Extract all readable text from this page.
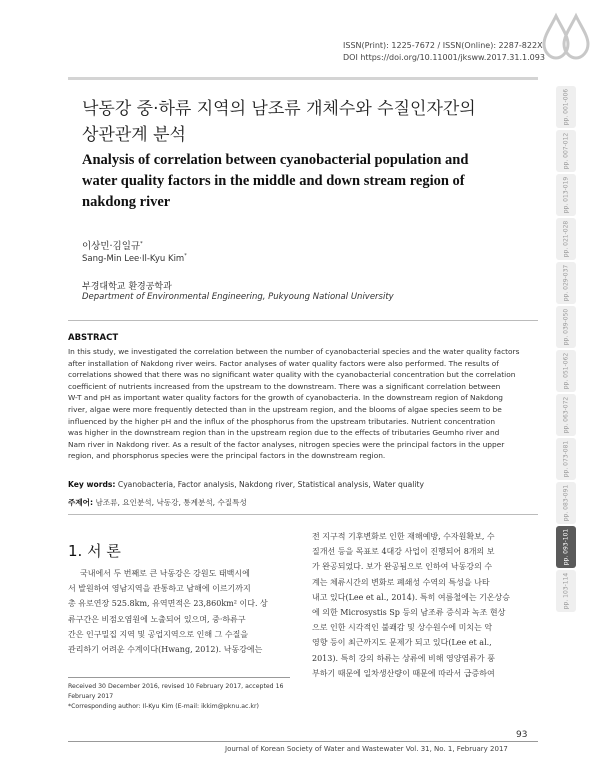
ISSN(Print): 1225-7672 / ISSN(Online): 2287-822X
DOI https://doi.org/10.11001/jksww.2017.31.1.093
낙동강 중·하류 지역의 남조류 개체수와 수질인자간의
상관관계 분석
Analysis of correlation between cyanobacterial population and
water quality factors in the middle and down stream region of
nakdong river
이상민·김일규*
Sang-Min Lee·Il-Kyu Kim*
부경대학교 환경공학과
Department of Environmental Engineering, Pukyoung National University
ABSTRACT
In this study, we investigated the correlation between the number of cyanobacterial species and the water quality factors
after installation of Nakdong river weirs. Factor analyses of water quality factors were also performed. The results of
correlations showed that there was no significant water quality with the cyanobacterial concentration but the correlation
coefficient of nutrients increased from the upstream to the downstream. There was a significant correlation between
W-T and pH as important water quality factors for the growth of cyanobacteria. In the downstream region of Nakdong
river, algae were more frequently detected than in the upstream region, and the blooms of algae species seem to be
influenced by the higher pH and the influx of the phosphorus from the upstream tributaries. Nutrient concentration
was higher in the downstream region than in the upstream region due to the effects of tributaries Geumho river and
Nam river in Nakdong river. As a result of the factor analyses, nitrogen species were the principal factors in the upper
region, and phorsphorus species were the principal factors in the downstream region.
Key words: Cyanobacteria, Factor analysis, Nakdong river, Statistical analysis, Water quality
주제어: 남조류, 요인분석, 낙동강, 통계분석, 수질특성
1. 서 론
국내에서 두 번째로 큰 낙동강은 강원도 태백시에
서 발원하여 영남지역을 관통하고 남해에 이르기까지
총 유로연장 525.8km, 유역면적은 23,860km² 이다. 상
류구간은 비점오염원에 노출되어 있으며, 중·하류구
간은 인구밀집 지역 및 공업지역으로 인해 그 수질을
관리하기 어려운 수계이다(Hwang, 2012). 낙동강에는
전 지구적 기후변화로 인한 재해예방, 수자원확보, 수
질개선 등을 목표로 4대강 사업이 진행되어 8개의 보
가 완공되었다. 보가 완공됨으로 인하여 낙동강의 수
계는 체류시간의 변화로 폐쇄성 수역의 특성을 나타
내고 있다(Lee et al., 2014). 특히 여름철에는 기온상승
에 의한 Microsystis Sp 등의 남조류 증식과 녹조 현상
으로 인한 시각적인 불쾌감 및 상수원수에 미치는 악
영향 등이 최근까지도 문제가 되고 있다(Lee et al.,
2013). 특히 강의 하류는 상류에 비해 영양염류가 풍
부하기 때문에 일차생산량이 때문에 따라서 급증하여
Received 30 December 2016, revised 10 February 2017, accepted 16 February 2017
*Corresponding author: Il-Kyu Kim (E-mail: ikkim@pknu.ac.kr)
93
Journal of Korean Society of Water and Wastewater Vol. 31, No. 1, February 2017
pp. 001-006
pp. 007-012
pp. 013-019
pp. 021-028
pp. 029-037
pp. 039-050
pp. 051-062
pp. 063-072
pp. 073-081
pp. 083-091
pp. 093-101
pp. 103-114
